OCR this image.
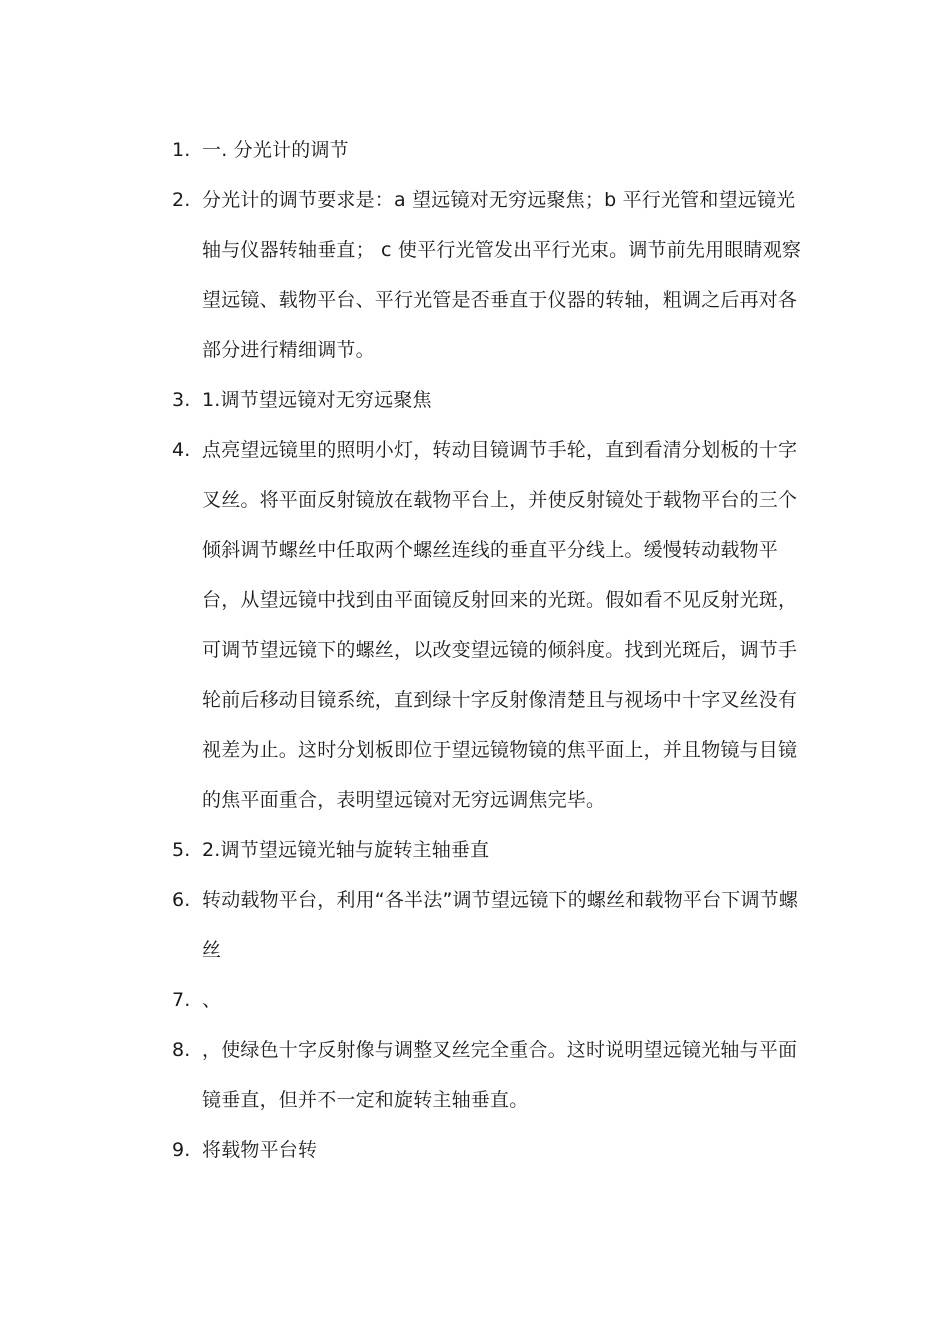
1. 一. 分光计的调节
2. 分光计的调节要求是：a 望远镜对无穷远聚焦；b 平行光管和望远镜光轴与仪器转轴垂直； c 使平行光管发出平行光束。调节前先用眼睛观察望远镜、载物平台、平行光管是否垂直于仪器的转轴，粗调之后再对各部分进行精细调节。
3. 1.调节望远镜对无穷远聚焦
4. 点亮望远镜里的照明小灯，转动目镜调节手轮，直到看清分划板的十字叉丝。将平面反射镜放在载物平台上，并使反射镜处于载物平台的三个倾斜调节螺丝中任取两个螺丝连线的垂直平分线上。缓慢转动载物平台，从望远镜中找到由平面镜反射回来的光斑。假如看不见反射光斑，可调节望远镜下的螺丝，以改变望远镜的倾斜度。找到光斑后，调节手轮前后移动目镜系统，直到绿十字反射像清楚且与视场中十字叉丝没有视差为止。这时分划板即位于望远镜物镜的焦平面上，并且物镜与目镜的焦平面重合，表明望远镜对无穷远调焦完毕。
5. 2.调节望远镜光轴与旋转主轴垂直
6. 转动载物平台，利用“各半法”调节望远镜下的螺丝和载物平台下调节螺丝
7. 、
8. ，使绿色十字反射像与调整叉丝完全重合。这时说明望远镜光轴与平面镜垂直，但并不一定和旋转主轴垂直。
9. 将载物平台转
